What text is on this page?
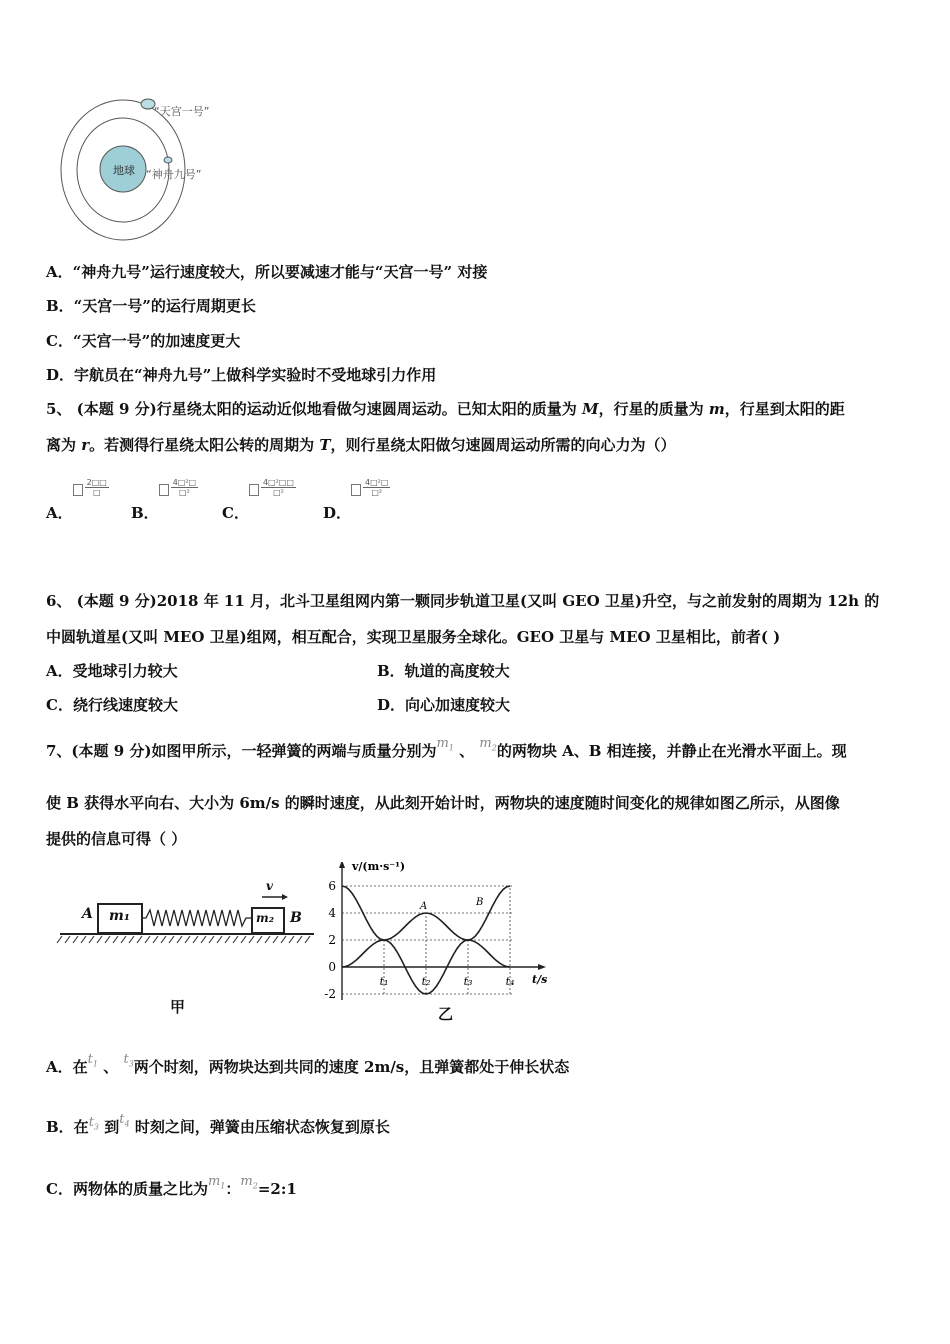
“天宫一号”
“神舟九号”
地球
A．“神舟九号”运行速度较大，所以要减速才能与“天宫一号” 对接
B．“天宫一号”的运行周期更长
C．“天宫一号”的加速度更大
D．宇航员在“神舟九号”上做科学实验时不受地球引力作用
5、 (本题 9 分)行星绕太阳的运动近似地看做匀速圆周运动。已知太阳的质量为 M，行星的质量为 m，行星到太阳的距
离为 r。若测得行星绕太阳公转的周期为 T，则行星绕太阳做匀速圆周运动所需的向心力为（）
A．
$\frac{2□□}{□}$
B．
$\frac{\text{4□²□}}{\text{□²}}$
C．
$\frac{\text{4□²□□}}{\text{□²}}$
D．
$\frac{\text{4□²□}}{\text{□²}}$
6、 (本题 9 分)2018 年 11 月，北斗卫星组网内第一颗同步轨道卫星(又叫 GEO 卫星)升空，与之前发射的周期为 12h 的
中圆轨道星(又叫 MEO 卫星)组网，相互配合，实现卫星服务全球化。GEO 卫星与 MEO 卫星相比，前者( )
A．受地球引力较大	B．轨道的高度较大
C．绕行线速度较大	D．向心加速度较大
7、(本题 9 分)如图甲所示，一轻弹簧的两端与质量分别为$m_1$ 、 $m_2$的两物块 A、B 相连接，并静止在光滑水平面上。现
使 B 获得水平向右、大小为 6m/s 的瞬时速度，从此刻开始计时，两物块的速度随时间变化的规律如图乙所示，从图像
提供的信息可得（ ）
A	B
m₁	m₂
v
甲
v/(m·s⁻¹)
t/s
6
4
2
0
-2
t₁	t₂	t₃	t₄
A	B
乙
A．在$t_1$ 、 $t_3$两个时刻，两物块达到共同的速度 2m/s，且弹簧都处于伸长状态
B．在$t_3$ 到$t_4$ 时刻之间，弹簧由压缩状态恢复到原长
C．两物体的质量之比为$m_1$：$m_2=2:1$
